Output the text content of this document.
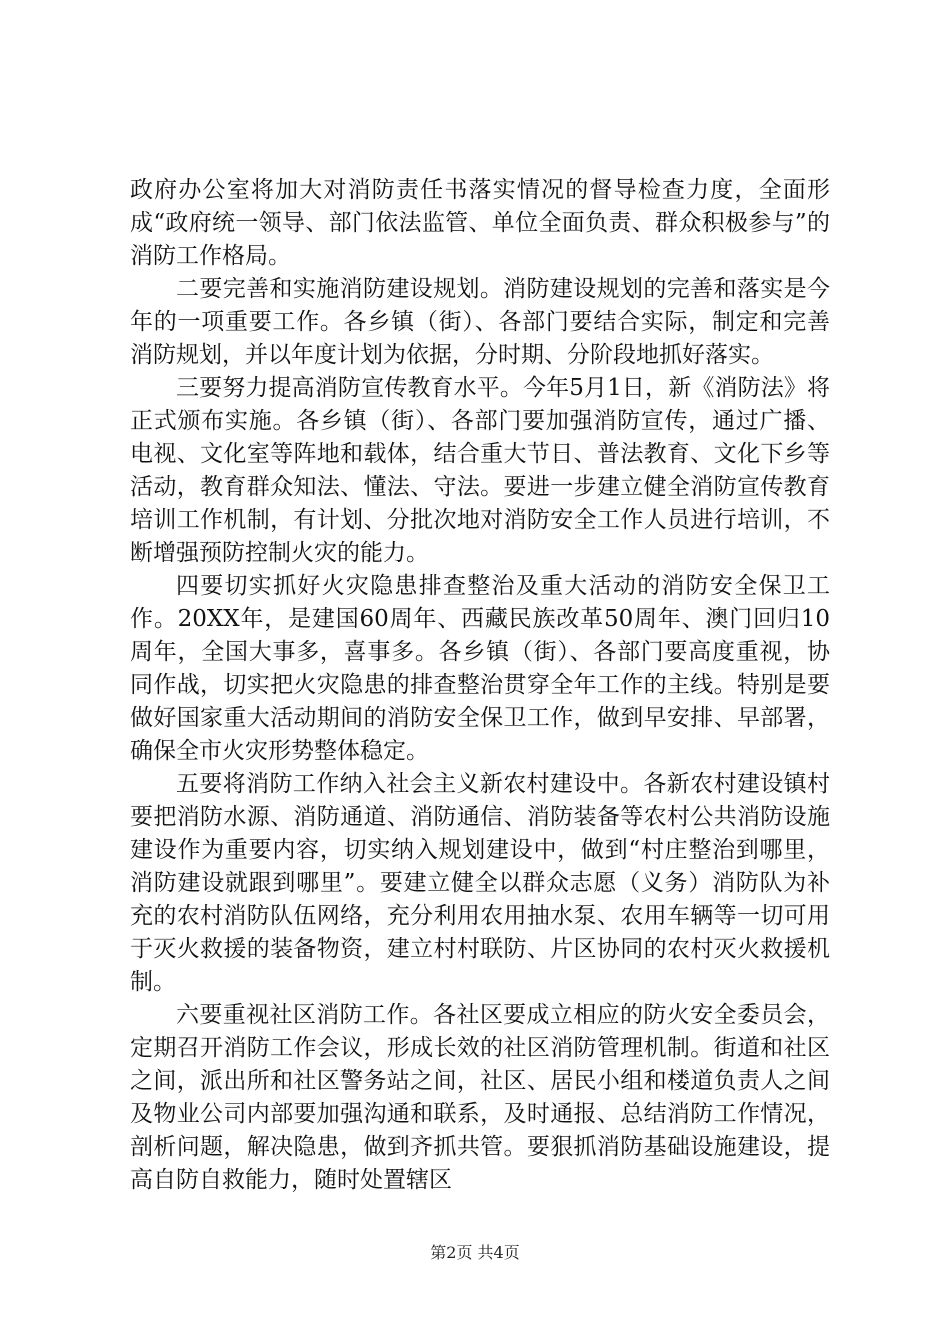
政府办公室将加大对消防责任书落实情况的督导检查力度，全面形成“政府统一领导、部门依法监管、单位全面负责、群众积极参与”的消防工作格局。

二要完善和实施消防建设规划。消防建设规划的完善和落实是今年的一项重要工作。各乡镇（街）、各部门要结合实际，制定和完善消防规划，并以年度计划为依据，分时期、分阶段地抓好落实。

三要努力提高消防宣传教育水平。今年5月1日，新《消防法》将正式颁布实施。各乡镇（街）、各部门要加强消防宣传，通过广播、电视、文化室等阵地和载体，结合重大节日、普法教育、文化下乡等活动，教育群众知法、懂法、守法。要进一步建立健全消防宣传教育培训工作机制，有计划、分批次地对消防安全工作人员进行培训，不断增强预防控制火灾的能力。

四要切实抓好火灾隐患排查整治及重大活动的消防安全保卫工作。20XX年，是建国60周年、西藏民族改革50周年、澳门回归10周年，全国大事多，喜事多。各乡镇（街）、各部门要高度重视，协同作战，切实把火灾隐患的排查整治贯穿全年工作的主线。特别是要做好国家重大活动期间的消防安全保卫工作，做到早安排、早部署，确保全市火灾形势整体稳定。

五要将消防工作纳入社会主义新农村建设中。各新农村建设镇村要把消防水源、消防通道、消防通信、消防装备等农村公共消防设施建设作为重要内容，切实纳入规划建设中，做到“村庄整治到哪里，消防建设就跟到哪里”。要建立健全以群众志愿（义务）消防队为补充的农村消防队伍网络，充分利用农用抽水泵、农用车辆等一切可用于灭火救援的装备物资，建立村村联防、片区协同的农村灭火救援机制。

六要重视社区消防工作。各社区要成立相应的防火安全委员会，定期召开消防工作会议，形成长效的社区消防管理机制。街道和社区之间，派出所和社区警务站之间，社区、居民小组和楼道负责人之间及物业公司内部要加强沟通和联系，及时通报、总结消防工作情况，剖析问题，解决隐患，做到齐抓共管。要狠抓消防基础设施建设，提高自防自救能力，随时处置辖区

第2页 共4页
